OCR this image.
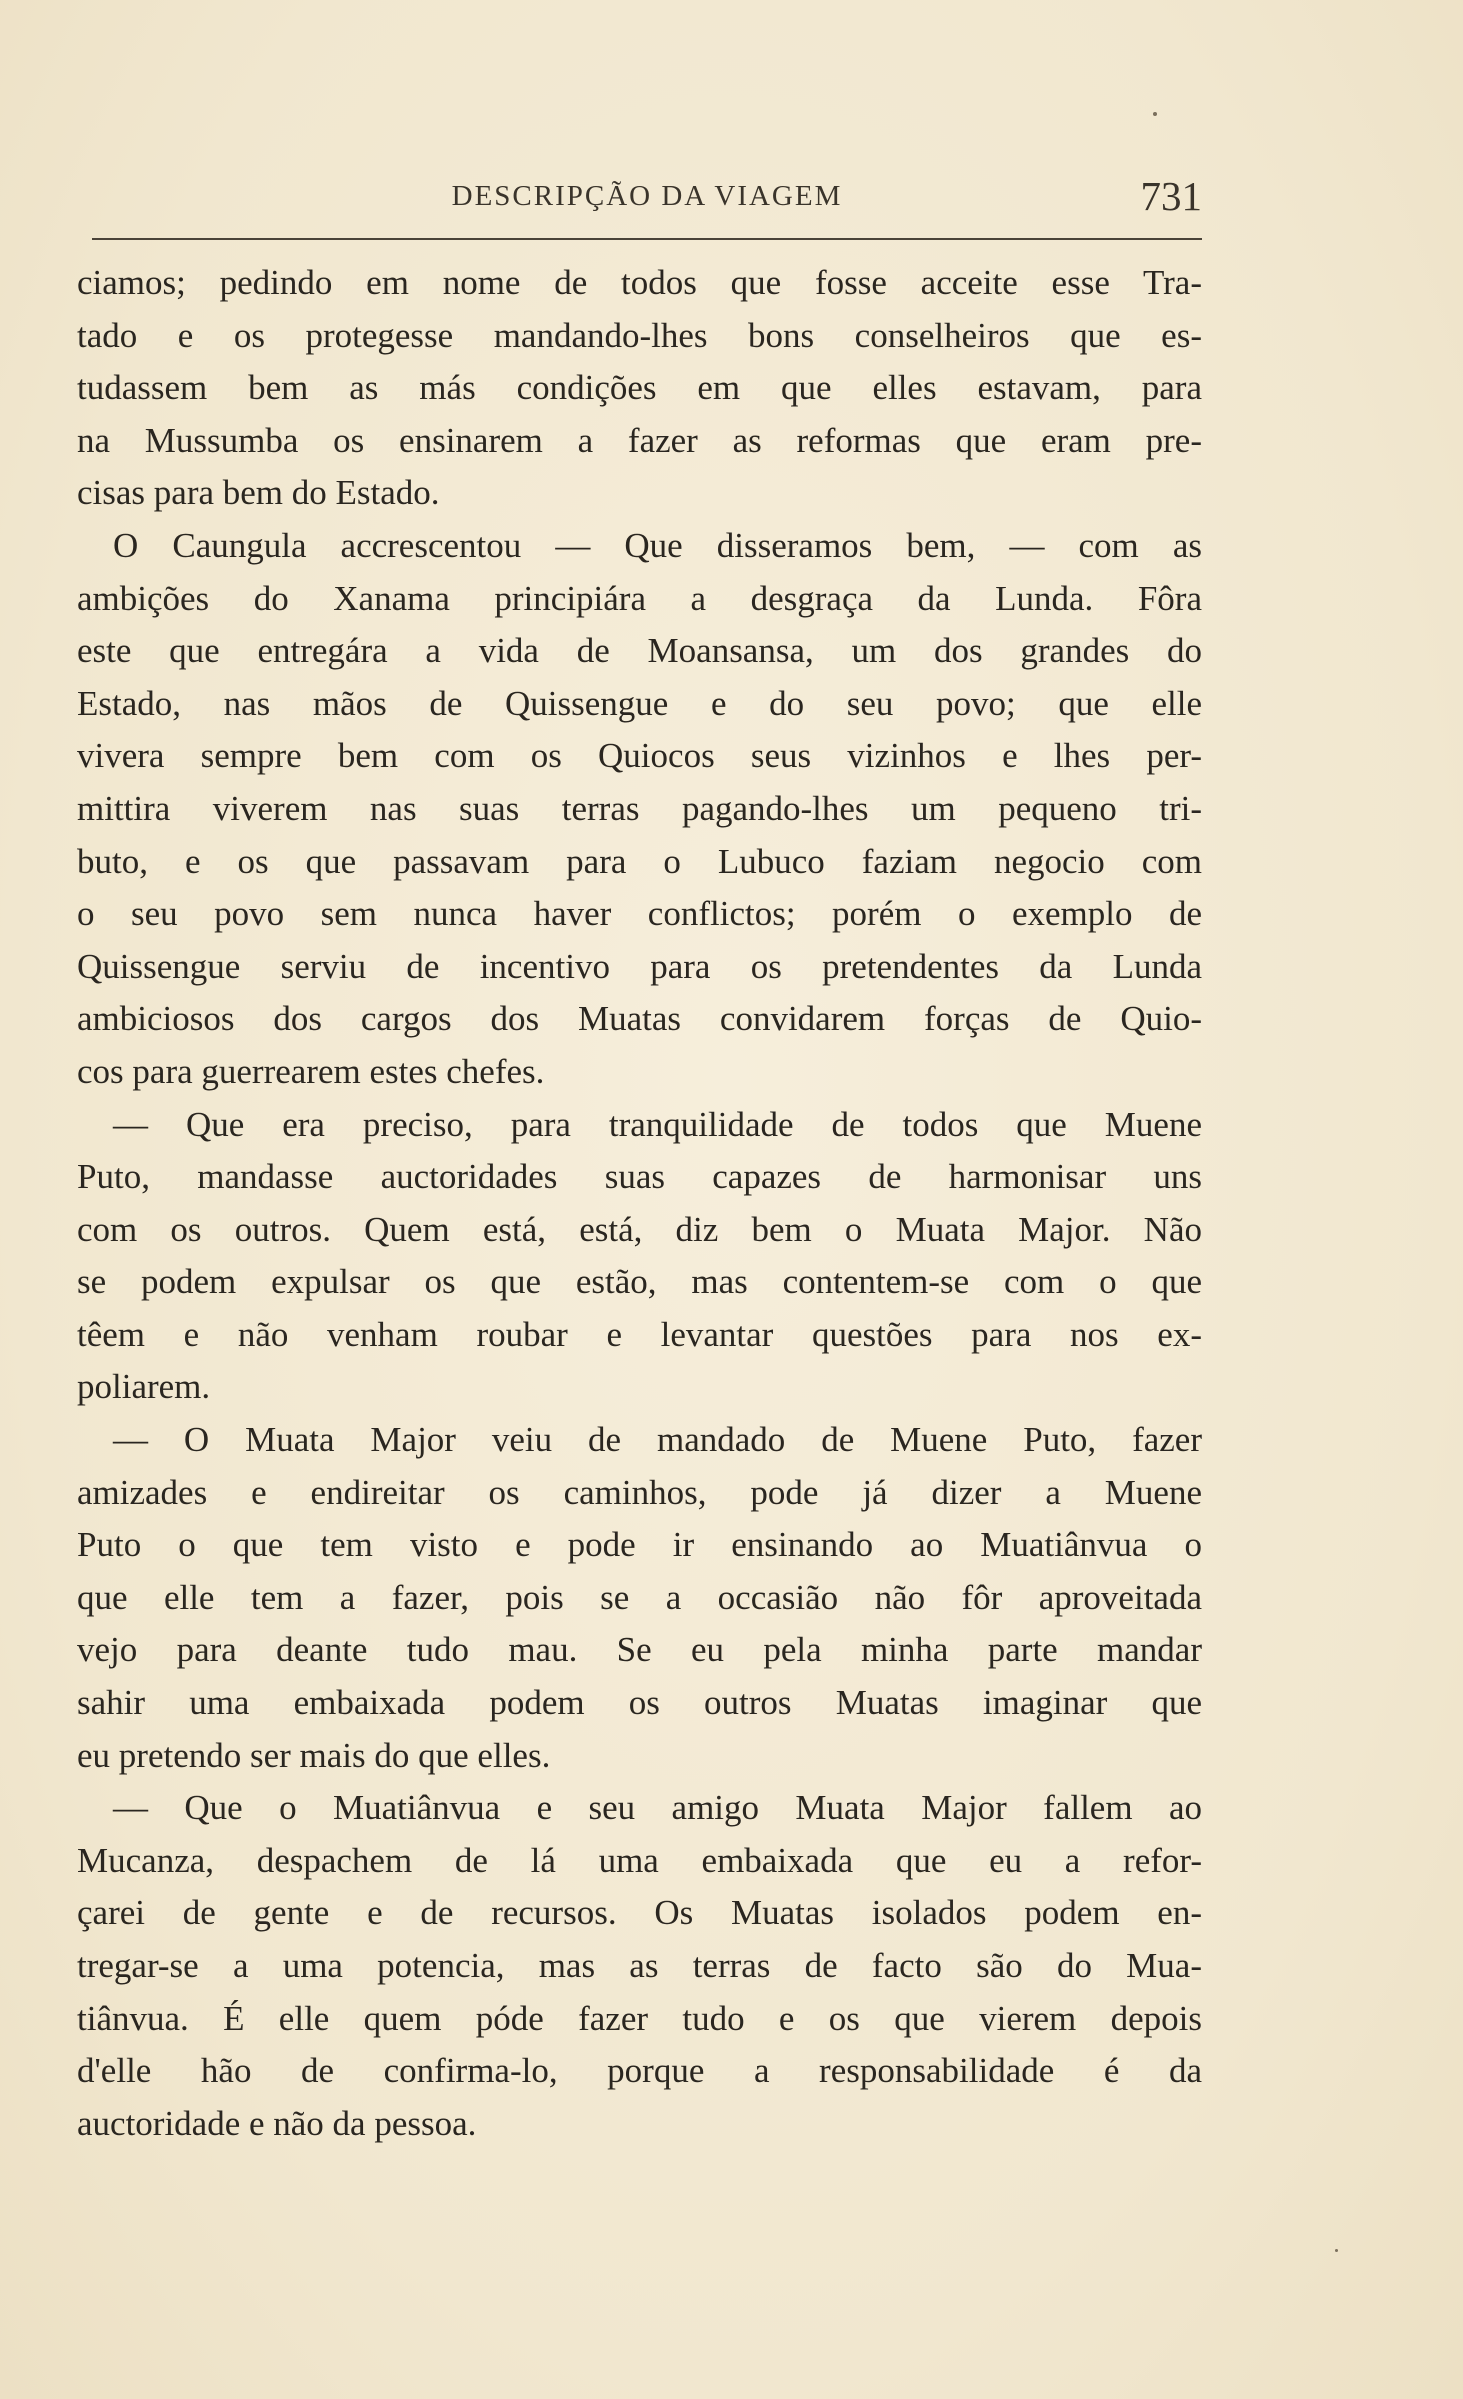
DESCRIPÇÃO DA VIAGEM	731
ciamos; pedindo em nome de todos que fosse acceite esse Tra-
tado e os protegesse mandando-lhes bons conselheiros que es-
tudassem bem as más condições em que elles estavam, para
na Mussumba os ensinarem a fazer as reformas que eram pre-
cisas para bem do Estado.
O Caungula accrescentou — Que disseramos bem, — com as
ambições do Xanama principiára a desgraça da Lunda. Fôra
este que entregára a vida de Moansansa, um dos grandes do
Estado, nas mãos de Quissengue e do seu povo; que elle
vivera sempre bem com os Quiocos seus vizinhos e lhes per-
mittira viverem nas suas terras pagando-lhes um pequeno tri-
buto, e os que passavam para o Lubuco faziam negocio com
o seu povo sem nunca haver conflictos; porém o exemplo de
Quissengue serviu de incentivo para os pretendentes da Lunda
ambiciosos dos cargos dos Muatas convidarem forças de Quio-
cos para guerrearem estes chefes.
— Que era preciso, para tranquilidade de todos que Muene
Puto, mandasse auctoridades suas capazes de harmonisar uns
com os outros. Quem está, está, diz bem o Muata Major. Não
se podem expulsar os que estão, mas contentem-se com o que
têem e não venham roubar e levantar questões para nos ex-
poliarem.
— O Muata Major veiu de mandado de Muene Puto, fazer
amizades e endireitar os caminhos, pode já dizer a Muene
Puto o que tem visto e pode ir ensinando ao Muatiânvua o
que elle tem a fazer, pois se a occasião não fôr aproveitada
vejo para deante tudo mau. Se eu pela minha parte mandar
sahir uma embaixada podem os outros Muatas imaginar que
eu pretendo ser mais do que elles.
— Que o Muatiânvua e seu amigo Muata Major fallem ao
Mucanza, despachem de lá uma embaixada que eu a refor-
çarei de gente e de recursos. Os Muatas isolados podem en-
tregar-se a uma potencia, mas as terras de facto são do Mua-
tiânvua. É elle quem póde fazer tudo e os que vierem depois
d'elle hão de confirma-lo, porque a responsabilidade é da
auctoridade e não da pessoa.
